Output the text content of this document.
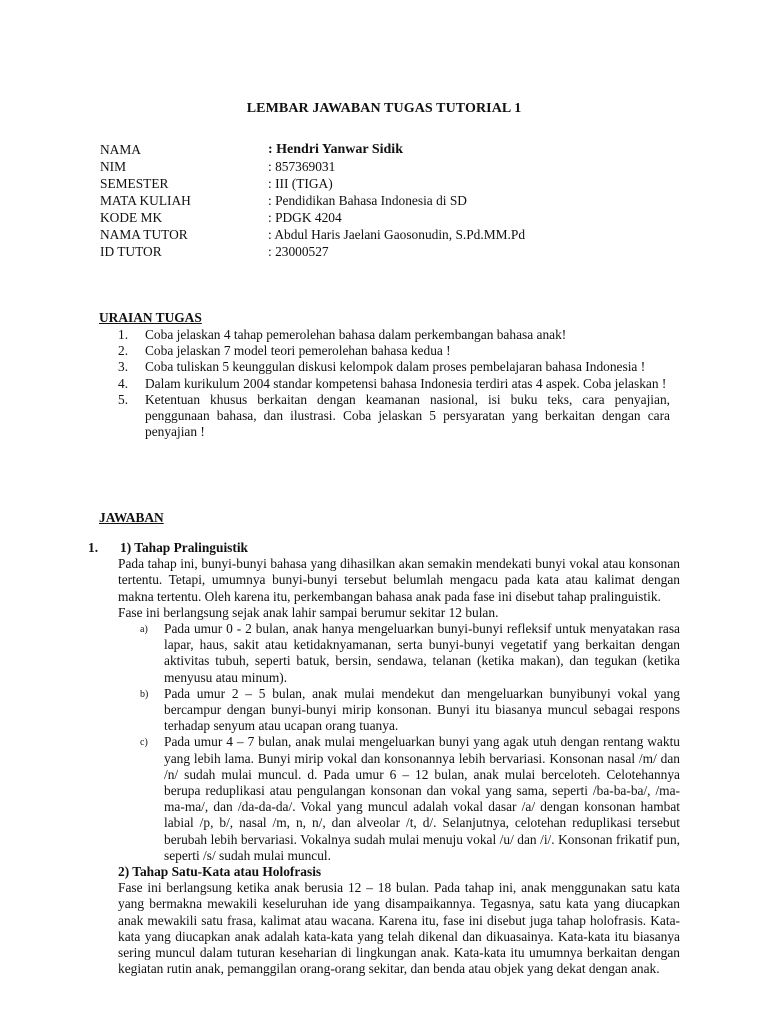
LEMBAR JAWABAN TUGAS TUTORIAL 1
NAMA	: Hendri Yanwar Sidik
NIM	: 857369031
SEMESTER	: III (TIGA)
MATA KULIAH	: Pendidikan Bahasa Indonesia di SD
KODE MK	: PDGK 4204
NAMA TUTOR	: Abdul Haris Jaelani Gaosonudin, S.Pd.MM.Pd
ID TUTOR	: 23000527
URAIAN TUGAS
1.	Coba jelaskan 4 tahap pemerolehan bahasa dalam perkembangan bahasa anak!
2.	Coba jelaskan 7 model teori pemerolehan bahasa kedua !
3.	Coba tuliskan 5 keunggulan diskusi kelompok dalam proses pembelajaran bahasa Indonesia !
4.	Dalam kurikulum 2004 standar kompetensi bahasa Indonesia terdiri atas 4 aspek. Coba jelaskan !
5.	Ketentuan khusus berkaitan dengan keamanan nasional, isi buku teks, cara penyajian, penggunaan bahasa, dan ilustrasi. Coba jelaskan 5 persyaratan yang berkaitan dengan cara penyajian !
JAWABAN
1.	1) Tahap Pralinguistik
Pada tahap ini, bunyi-bunyi bahasa yang dihasilkan akan semakin mendekati bunyi vokal atau konsonan tertentu. Tetapi, umumnya bunyi-bunyi tersebut belumlah mengacu pada kata atau kalimat dengan makna tertentu. Oleh karena itu, perkembangan bahasa anak pada fase ini disebut tahap pralinguistik.
Fase ini berlangsung sejak anak lahir sampai berumur sekitar 12 bulan.
a)	Pada umur 0 - 2 bulan, anak hanya mengeluarkan bunyi-bunyi refleksif untuk menyatakan rasa lapar, haus, sakit atau ketidaknyamanan, serta bunyi-bunyi vegetatif yang berkaitan dengan aktivitas tubuh, seperti batuk, bersin, sendawa, telanan (ketika makan), dan tegukan (ketika menyusu atau minum).
b)	Pada umur 2 – 5 bulan, anak mulai mendekut dan mengeluarkan bunyibunyi vokal yang bercampur dengan bunyi-bunyi mirip konsonan. Bunyi itu biasanya muncul sebagai respons terhadap senyum atau ucapan orang tuanya.
c)	Pada umur 4 – 7 bulan, anak mulai mengeluarkan bunyi yang agak utuh dengan rentang waktu yang lebih lama. Bunyi mirip vokal dan konsonannya lebih bervariasi. Konsonan nasal /m/ dan /n/ sudah mulai muncul. d. Pada umur 6 – 12 bulan, anak mulai berceloteh. Celotehannya berupa reduplikasi atau pengulangan konsonan dan vokal yang sama, seperti /ba-ba-ba/, /ma-ma-ma/, dan /da-da-da/. Vokal yang muncul adalah vokal dasar /a/ dengan konsonan hambat labial /p, b/, nasal /m, n, n/, dan alveolar /t, d/. Selanjutnya, celotehan reduplikasi tersebut berubah lebih bervariasi. Vokalnya sudah mulai menuju vokal /u/ dan /i/. Konsonan frikatif pun, seperti /s/ sudah mulai muncul.
2) Tahap Satu-Kata atau Holofrasis
Fase ini berlangsung ketika anak berusia 12 – 18 bulan. Pada tahap ini, anak menggunakan satu kata yang bermakna mewakili keseluruhan ide yang disampaikannya. Tegasnya, satu kata yang diucapkan anak mewakili satu frasa, kalimat atau wacana. Karena itu, fase ini disebut juga tahap holofrasis. Kata-kata yang diucapkan anak adalah kata-kata yang telah dikenal dan dikuasainya. Kata-kata itu biasanya sering muncul dalam tuturan keseharian di lingkungan anak. Kata-kata itu umumnya berkaitan dengan kegiatan rutin anak, pemanggilan orang-orang sekitar, dan benda atau objek yang dekat dengan anak.
